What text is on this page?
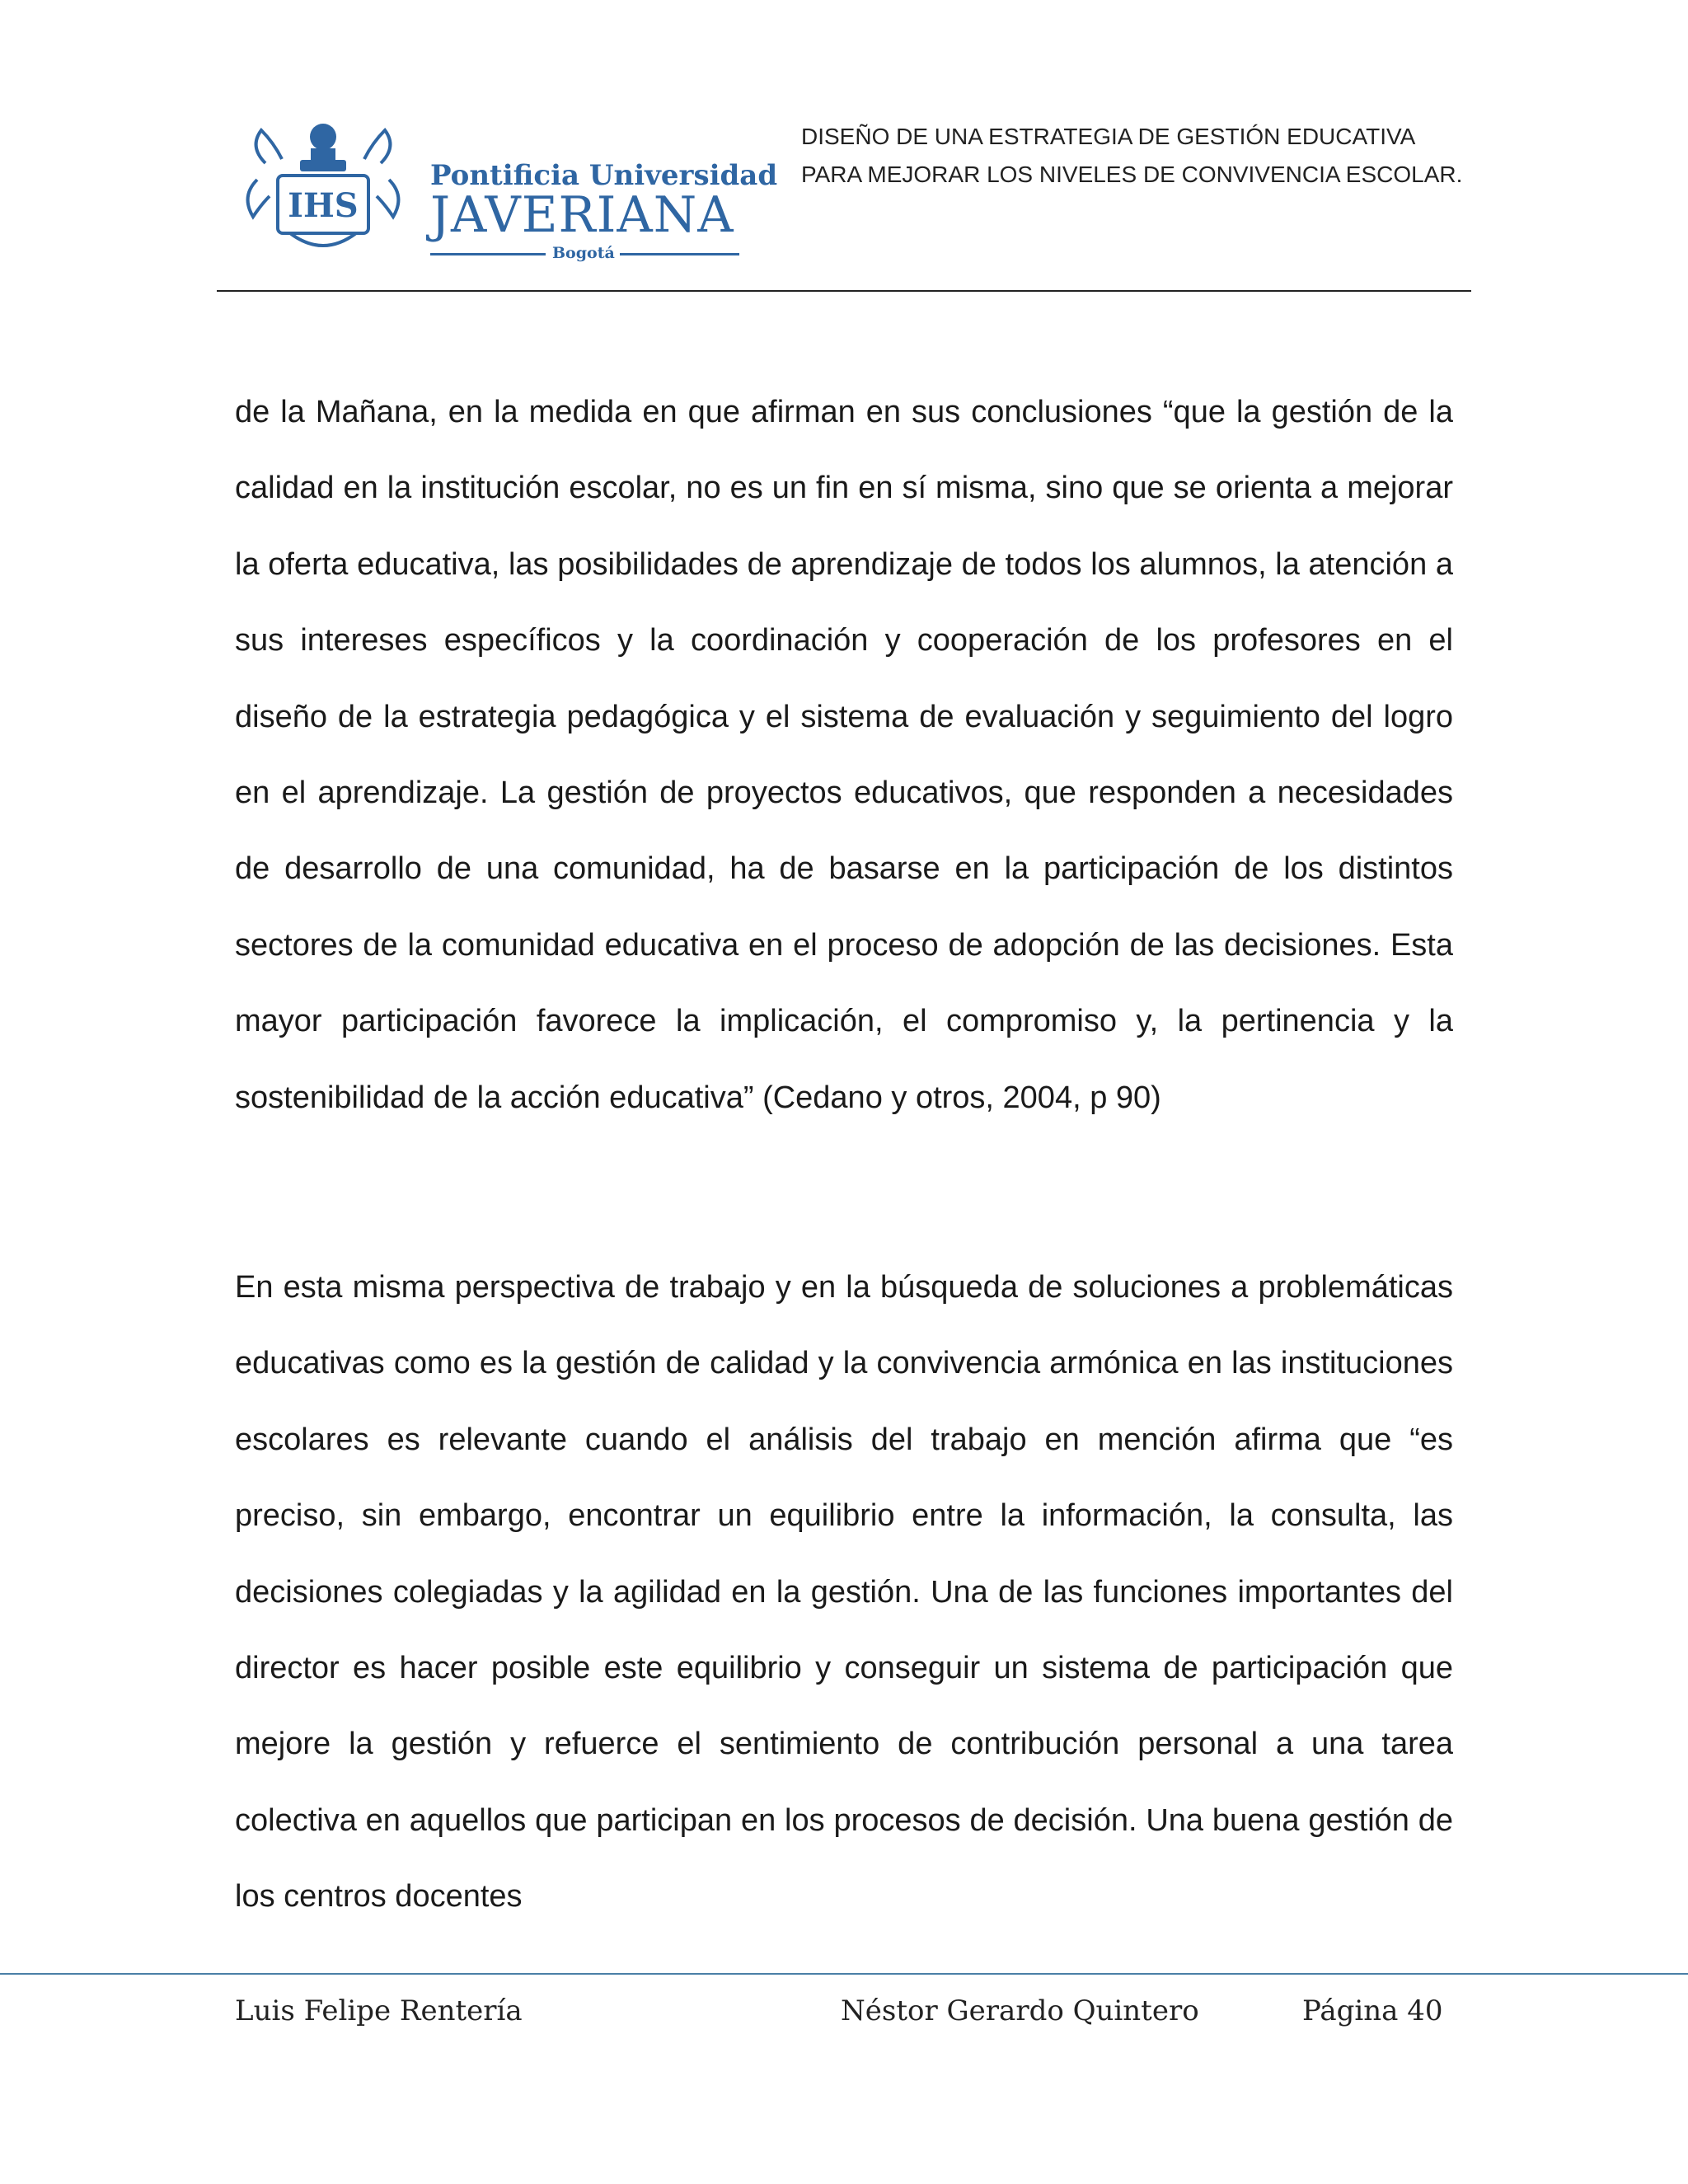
IHS
Pontificia Universidad
JAVERIANA
Bogotá
DISEÑO DE UNA ESTRATEGIA DE GESTIÓN EDUCATIVA
PARA MEJORAR LOS NIVELES DE CONVIVENCIA ESCOLAR.

de la Mañana, en la medida en que afirman en sus conclusiones “que la gestión de la calidad en la institución escolar, no es un fin en sí misma, sino que se orienta a mejorar la oferta educativa, las posibilidades de aprendizaje de todos los alumnos, la atención a sus intereses específicos y la coordinación y cooperación de los profesores en el diseño de la estrategia pedagógica y el sistema de evaluación y seguimiento del logro en el aprendizaje. La gestión de proyectos educativos, que responden a necesidades de desarrollo de una comunidad, ha de basarse en la participación de los distintos sectores de la comunidad educativa en el proceso de adopción de las decisiones. Esta mayor participación favorece la implicación, el compromiso y, la pertinencia y la sostenibilidad de la acción educativa” (Cedano y otros, 2004, p 90)

En esta misma perspectiva de trabajo y en la búsqueda de soluciones a problemáticas educativas como es la gestión de calidad y la convivencia armónica en las instituciones escolares es relevante cuando el análisis del trabajo en mención afirma que “es preciso, sin embargo, encontrar un equilibrio entre la información, la consulta, las decisiones colegiadas y la agilidad en la gestión. Una de las funciones importantes del director es hacer posible este equilibrio y conseguir un sistema de participación que mejore la gestión y refuerce el sentimiento de contribución personal a una tarea colectiva en aquellos que participan en los procesos de decisión. Una buena gestión de los centros docentes

Luis Felipe Rentería	Néstor Gerardo Quintero	Página 40
